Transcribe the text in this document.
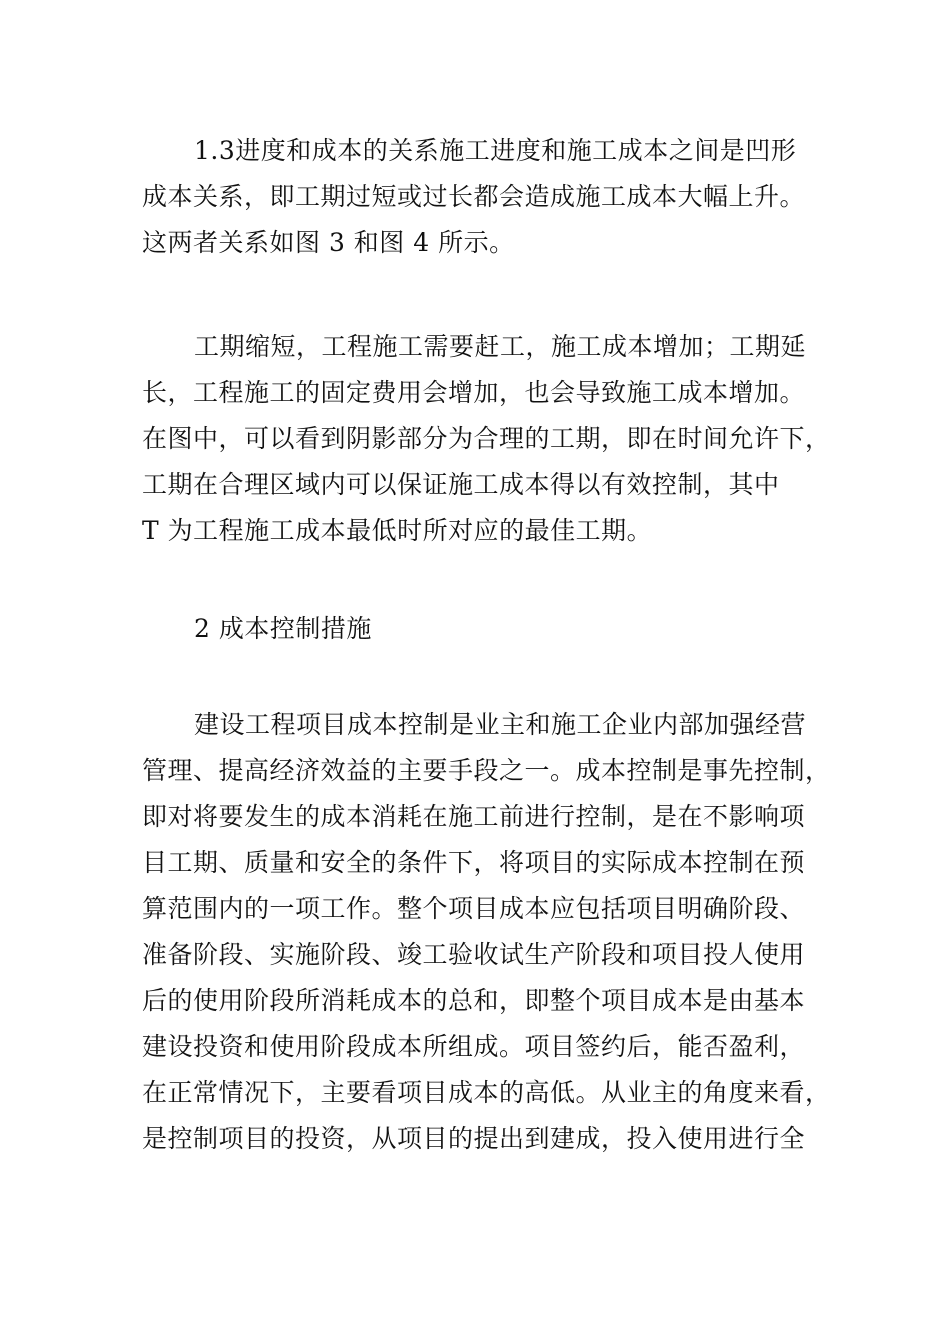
1.3进度和成本的关系施工进度和施工成本之间是凹形
成本关系，即工期过短或过长都会造成施工成本大幅上升。
这两者关系如图 3 和图 4 所示。
工期缩短，工程施工需要赶工，施工成本增加；工期延
长，工程施工的固定费用会增加，也会导致施工成本增加。
在图中，可以看到阴影部分为合理的工期，即在时间允许下，
工期在合理区域内可以保证施工成本得以有效控制，其中
T 为工程施工成本最低时所对应的最佳工期。
2 成本控制措施
建设工程项目成本控制是业主和施工企业内部加强经营
管理、提高经济效益的主要手段之一。成本控制是事先控制，
即对将要发生的成本消耗在施工前进行控制，是在不影响项
目工期、质量和安全的条件下，将项目的实际成本控制在预
算范围内的一项工作。整个项目成本应包括项目明确阶段、
准备阶段、实施阶段、竣工验收试生产阶段和项目投人使用
后的使用阶段所消耗成本的总和，即整个项目成本是由基本
建设投资和使用阶段成本所组成。项目签约后，能否盈利，
在正常情况下，主要看项目成本的高低。从业主的角度来看，
是控制项目的投资，从项目的提出到建成，投入使用进行全
